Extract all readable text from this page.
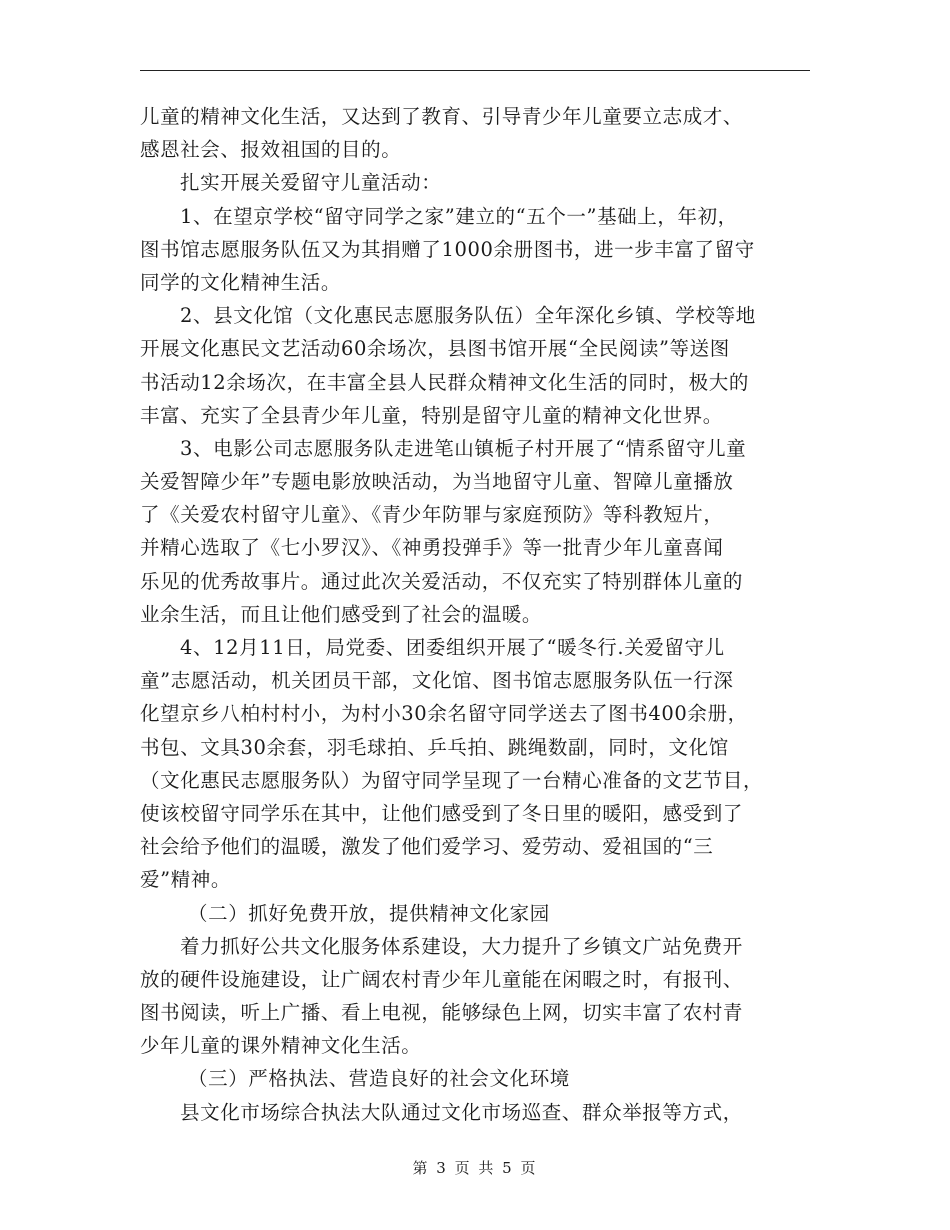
儿童的精神文化生活，又达到了教育、引导青少年儿童要立志成才、
感恩社会、报效祖国的目的。
扎实开展关爱留守儿童活动：
1、在望京学校“留守同学之家”建立的“五个一”基础上，年初，
图书馆志愿服务队伍又为其捐赠了1000余册图书，进一步丰富了留守
同学的文化精神生活。
2、县文化馆（文化惠民志愿服务队伍）全年深化乡镇、学校等地
开展文化惠民文艺活动60余场次，县图书馆开展“全民阅读”等送图
书活动12余场次，在丰富全县人民群众精神文化生活的同时，极大的
丰富、充实了全县青少年儿童，特别是留守儿童的精神文化世界。
3、电影公司志愿服务队走进笔山镇栀子村开展了“情系留守儿童
关爱智障少年”专题电影放映活动，为当地留守儿童、智障儿童播放
了《关爱农村留守儿童》、《青少年防罪与家庭预防》等科教短片，
并精心选取了《七小罗汉》、《神勇投弹手》等一批青少年儿童喜闻
乐见的优秀故事片。通过此次关爱活动，不仅充实了特别群体儿童的
业余生活，而且让他们感受到了社会的温暖。
4、12月11日，局党委、团委组织开展了“暖冬行.关爱留守儿
童”志愿活动，机关团员干部，文化馆、图书馆志愿服务队伍一行深
化望京乡八柏村村小，为村小30余名留守同学送去了图书400余册，
书包、文具30余套，羽毛球拍、乒乓拍、跳绳数副，同时，文化馆
（文化惠民志愿服务队）为留守同学呈现了一台精心准备的文艺节目，
使该校留守同学乐在其中，让他们感受到了冬日里的暖阳，感受到了
社会给予他们的温暖，激发了他们爱学习、爱劳动、爱祖国的“三
爱”精神。
（二）抓好免费开放，提供精神文化家园
着力抓好公共文化服务体系建设，大力提升了乡镇文广站免费开
放的硬件设施建设，让广阔农村青少年儿童能在闲暇之时，有报刊、
图书阅读，听上广播、看上电视，能够绿色上网，切实丰富了农村青
少年儿童的课外精神文化生活。
（三）严格执法、营造良好的社会文化环境
县文化市场综合执法大队通过文化市场巡查、群众举报等方式，
第 3 页 共 5 页
